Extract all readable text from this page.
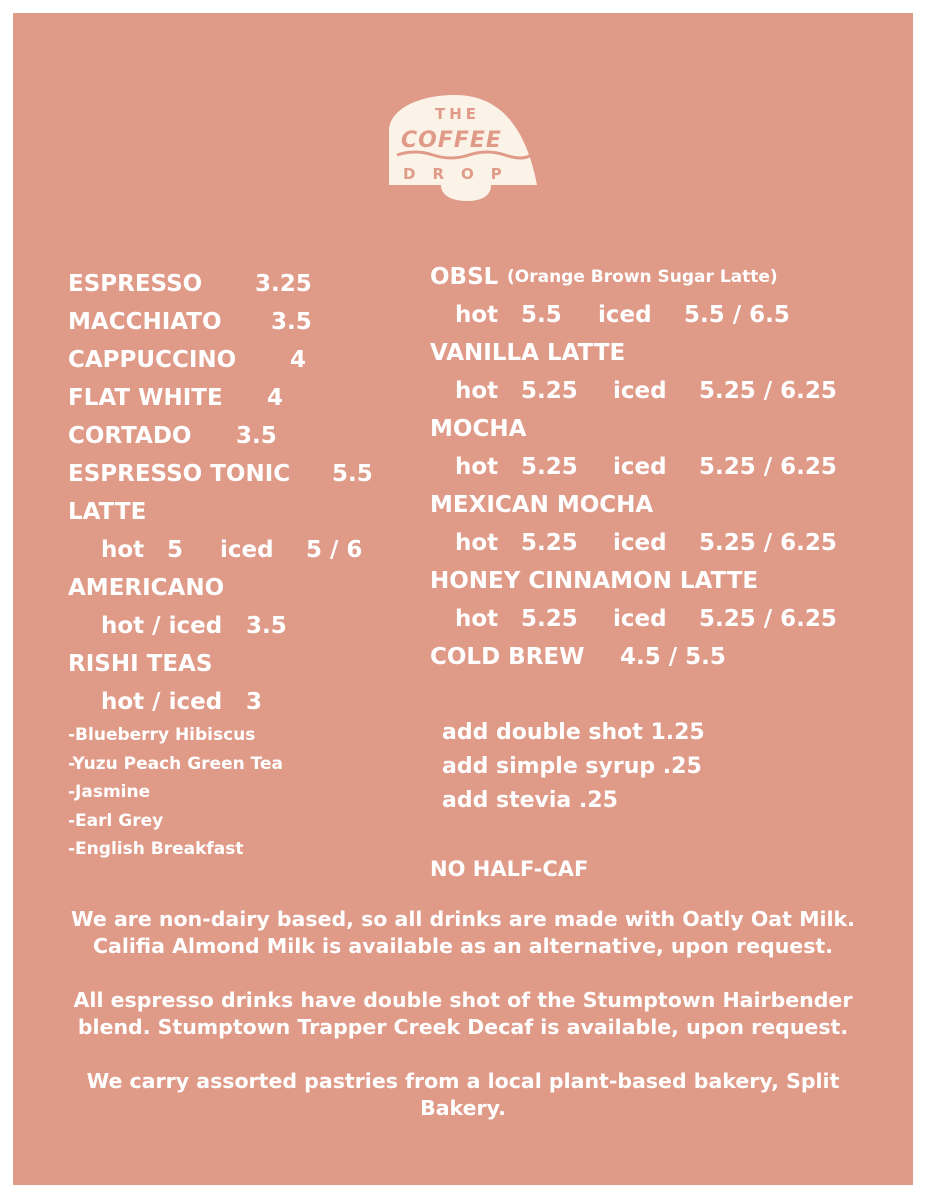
THE
COFFEE
DROP
ESPRESSO 3.25
MACCHIATO 3.5
CAPPUCCINO 4
FLAT WHITE 4
CORTADO 3.5
ESPRESSO TONIC 5.5
LATTE
hot 5 iced 5 / 6
AMERICANO
hot / iced 3.5
RISHI TEAS
hot / iced 3
-Blueberry Hibiscus
-Yuzu Peach Green Tea
-Jasmine
-Earl Grey
-English Breakfast
OBSL (Orange Brown Sugar Latte)
hot 5.5 iced 5.5 / 6.5
VANILLA LATTE
hot 5.25 iced 5.25 / 6.25
MOCHA
hot 5.25 iced 5.25 / 6.25
MEXICAN MOCHA
hot 5.25 iced 5.25 / 6.25
HONEY CINNAMON LATTE
hot 5.25 iced 5.25 / 6.25
COLD BREW 4.5 / 5.5
add double shot 1.25
add simple syrup .25
add stevia .25
NO HALF-CAF

We are non-dairy based, so all drinks are made with Oatly Oat Milk.
Califia Almond Milk is available as an alternative, upon request.

All espresso drinks have double shot of the Stumptown Hairbender
blend. Stumptown Trapper Creek Decaf is available, upon request.

We carry assorted pastries from a local plant-based bakery, Split
Bakery.
